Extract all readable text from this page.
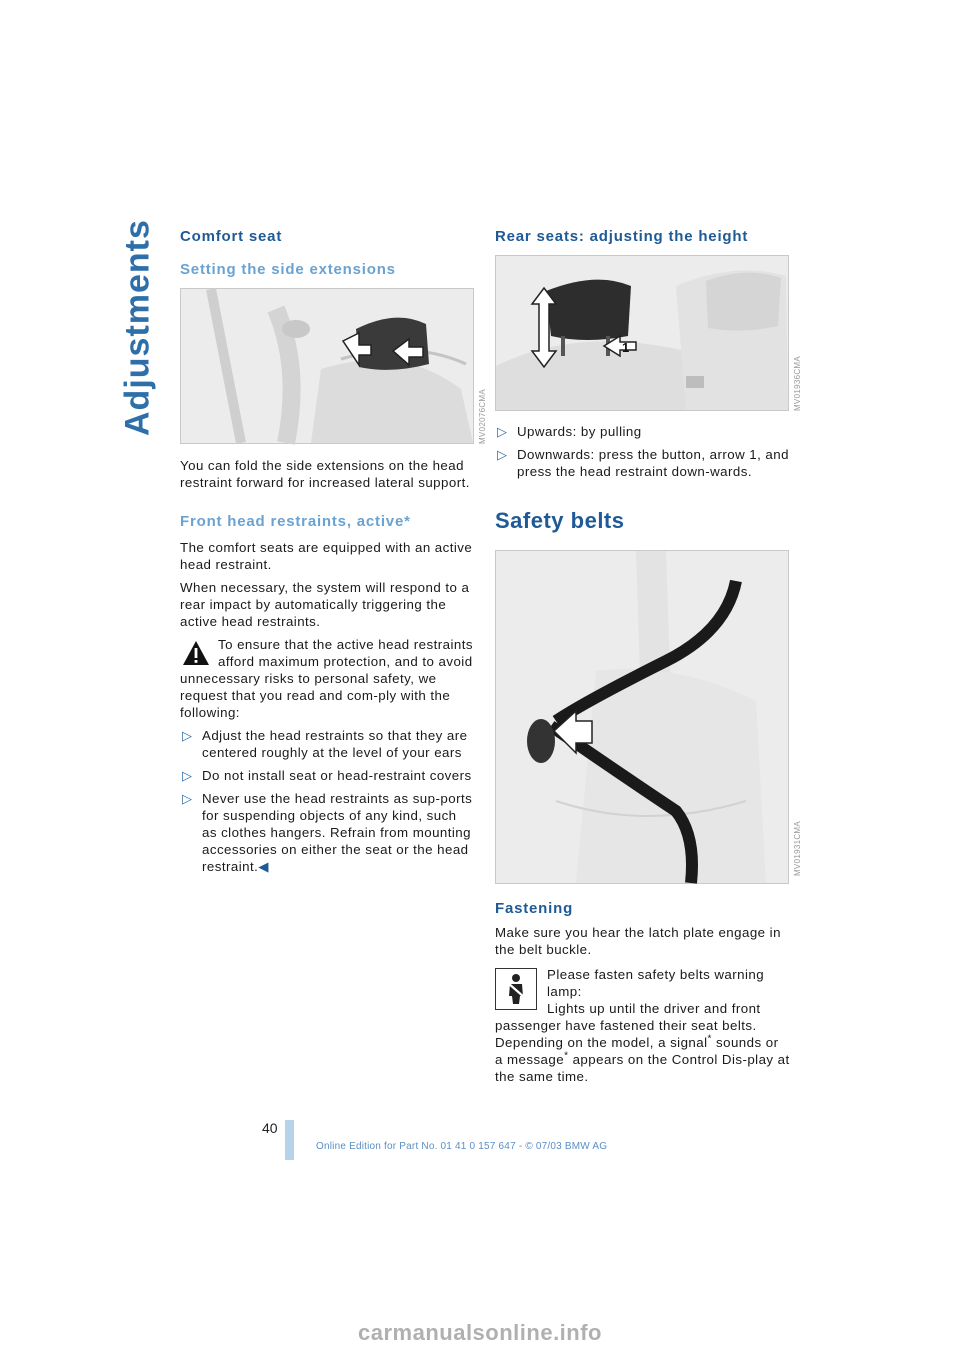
Adjustments Comfort seat
Setting the side extensions
MV02076CMA

You can fold the side extensions on the head restraint forward for increased lateral support.

Front head restraints, active*

The comfort seats are equipped with an active head restraint.

When necessary, the system will respond to a rear impact by automatically triggering the active head restraints.

To ensure that the active head restraints afford maximum protection, and to avoid unnecessary risks to personal safety, we request that you read and com-ply with the following:

▷ Adjust the head restraints so that they are centered roughly at the level of your ears
▷ Do not install seat or head-restraint covers
▷ Never use the head restraints as sup-ports for suspending objects of any kind, such as clothes hangers. Refrain from mounting accessories on either the seat or the head restraint.◀
Rear seats: adjusting the height
1
MV01936CMA
▷ Upwards: by pulling
▷ Downwards: press the button, arrow 1, and press the head restraint down-wards.
Safety belts
MV01931CMA
Fastening

Make sure you hear the latch plate engage in the belt buckle.

Please fasten safety belts warning lamp:
Lights up until the driver and front passenger have fastened their seat belts. Depending on the model, a signal* sounds or a message* appears on the Control Dis-play at the same time.

40
Online Edition for Part No. 01 41 0 157 647 - © 07/03 BMW AG
carmanualsonline.info
